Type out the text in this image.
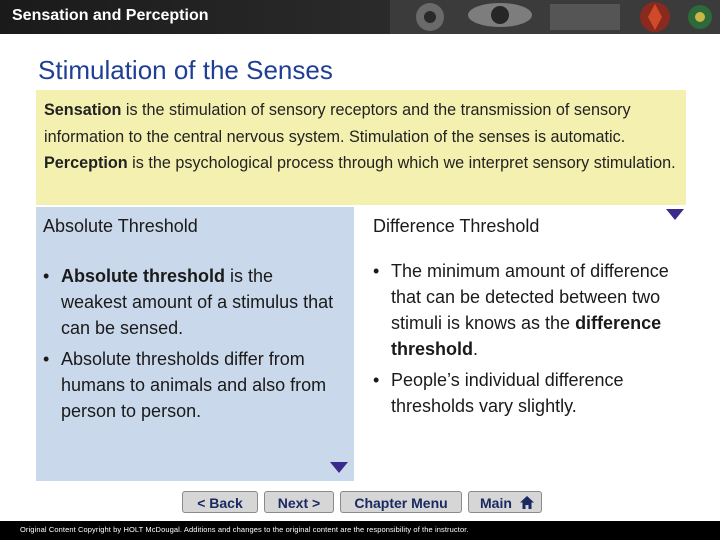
Sensation and Perception
Stimulation of the Senses

Sensation is the stimulation of sensory receptors and the transmission of sensory information to the central nervous system. Stimulation of the senses is automatic. Perception is the psychological process through which we interpret sensory stimulation.

Absolute Threshold
• Absolute threshold is the weakest amount of a stimulus that can be sensed.
• Absolute thresholds differ from humans to animals and also from person to person.
Difference Threshold
• The minimum amount of difference that can be detected between two stimuli is knows as the difference threshold.
• People’s individual difference thresholds vary slightly.
< Back	Next >	Chapter Menu	Main
Original Content Copyright by HOLT McDougal. Additions and changes to the original content are the responsibility of the instructor.
